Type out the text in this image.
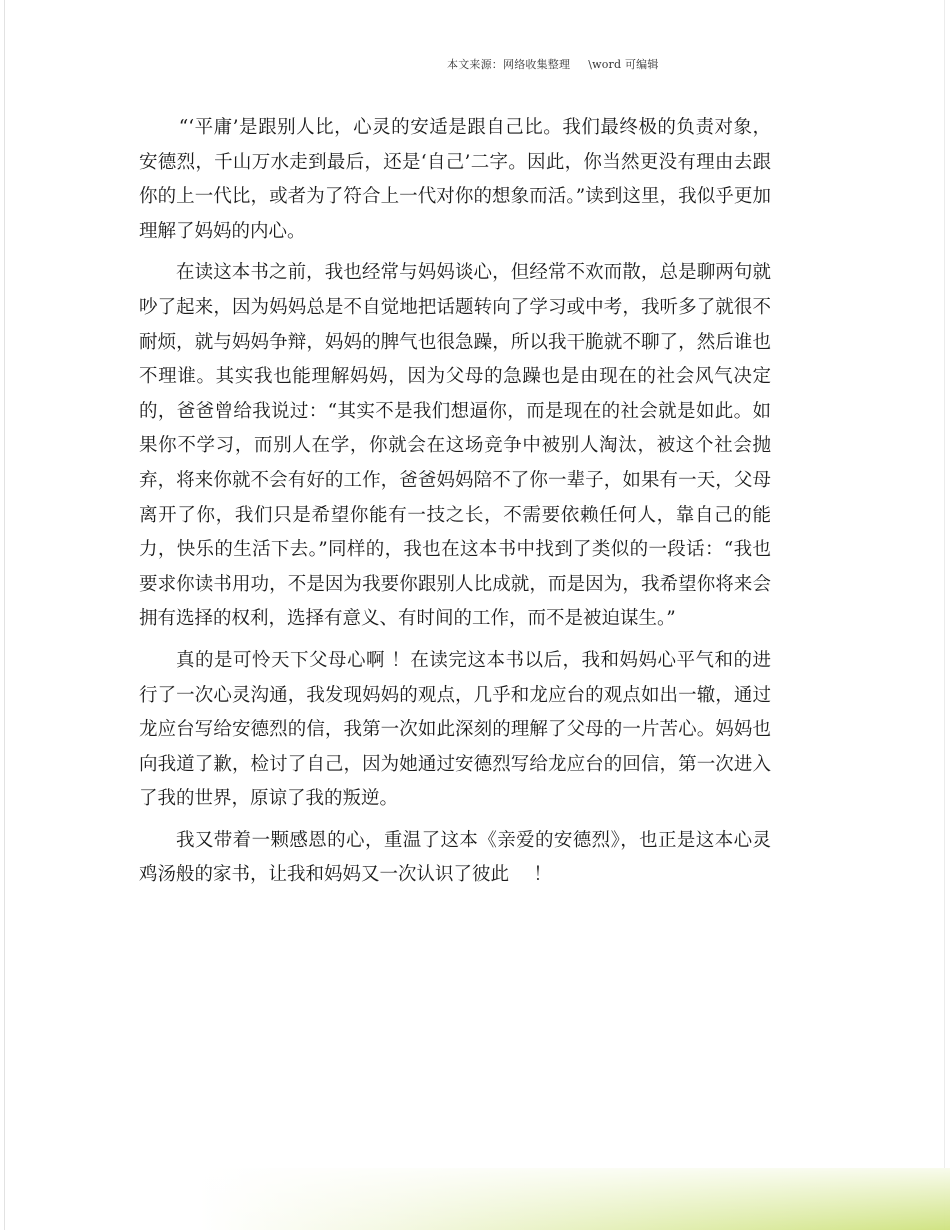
本文来源：网络收集整理 \word 可编辑

“‘平庸’是跟别人比，心灵的安适是跟自己比。我们最终极的负责对象，安德烈，千山万水走到最后，还是‘自己’二字。因此，你当然更没有理由去跟你的上一代比，或者为了符合上一代对你的想象而活。”读到这里，我似乎更加理解了妈妈的内心。

在读这本书之前，我也经常与妈妈谈心，但经常不欢而散，总是聊两句就吵了起来，因为妈妈总是不自觉地把话题转向了学习或中考，我听多了就很不耐烦，就与妈妈争辩，妈妈的脾气也很急躁，所以我干脆就不聊了，然后谁也不理谁。其实我也能理解妈妈，因为父母的急躁也是由现在的社会风气决定的，爸爸曾给我说过：“其实不是我们想逼你，而是现在的社会就是如此。如果你不学习，而别人在学，你就会在这场竞争中被别人淘汰，被这个社会抛弃，将来你就不会有好的工作，爸爸妈妈陪不了你一辈子，如果有一天，父母离开了你，我们只是希望你能有一技之长，不需要依赖任何人，靠自己的能力，快乐的生活下去。”同样的，我也在这本书中找到了类似的一段话：“我也要求你读书用功，不是因为我要你跟别人比成就，而是因为，我希望你将来会拥有选择的权利，选择有意义、有时间的工作，而不是被迫谋生。”

真的是可怜天下父母心啊 ！在读完这本书以后，我和妈妈心平气和的进行了一次心灵沟通，我发现妈妈的观点，几乎和龙应台的观点如出一辙，通过龙应台写给安德烈的信，我第一次如此深刻的理解了父母的一片苦心。妈妈也向我道了歉，检讨了自己，因为她通过安德烈写给龙应台的回信，第一次进入了我的世界，原谅了我的叛逆。

我又带着一颗感恩的心，重温了这本《亲爱的安德烈》，也正是这本心灵鸡汤般的家书，让我和妈妈又一次认识了彼此　 ！
